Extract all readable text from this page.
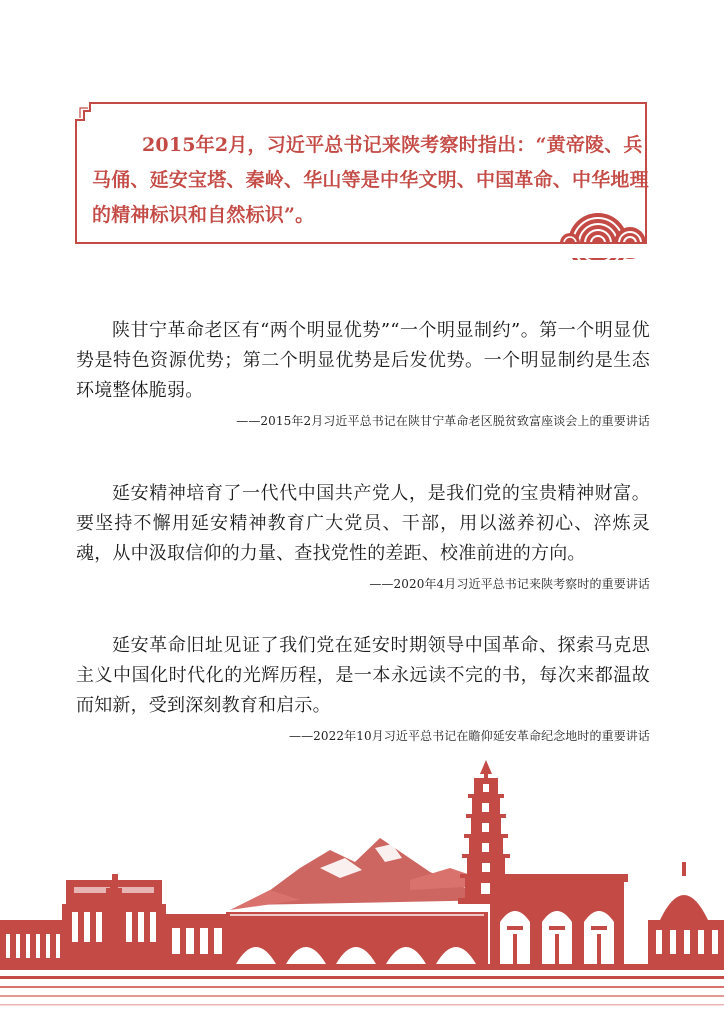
2015年2月，习近平总书记来陕考察时指出：“黄帝陵、兵马俑、延安宝塔、秦岭、华山等是中华文明、中国革命、中华地理的精神标识和自然标识”。

陕甘宁革命老区有“两个明显优势”“一个明显制约”。第一个明显优势是特色资源优势；第二个明显优势是后发优势。一个明显制约是生态环境整体脆弱。

——2015年2月习近平总书记在陕甘宁革命老区脱贫致富座谈会上的重要讲话

延安精神培育了一代代中国共产党人，是我们党的宝贵精神财富。要坚持不懈用延安精神教育广大党员、干部，用以滋养初心、淬炼灵魂，从中汲取信仰的力量、查找党性的差距、校准前进的方向。

——2020年4月习近平总书记来陕考察时的重要讲话

延安革命旧址见证了我们党在延安时期领导中国革命、探索马克思主义中国化时代化的光辉历程，是一本永远读不完的书，每次来都温故而知新，受到深刻教育和启示。

——2022年10月习近平总书记在瞻仰延安革命纪念地时的重要讲话
